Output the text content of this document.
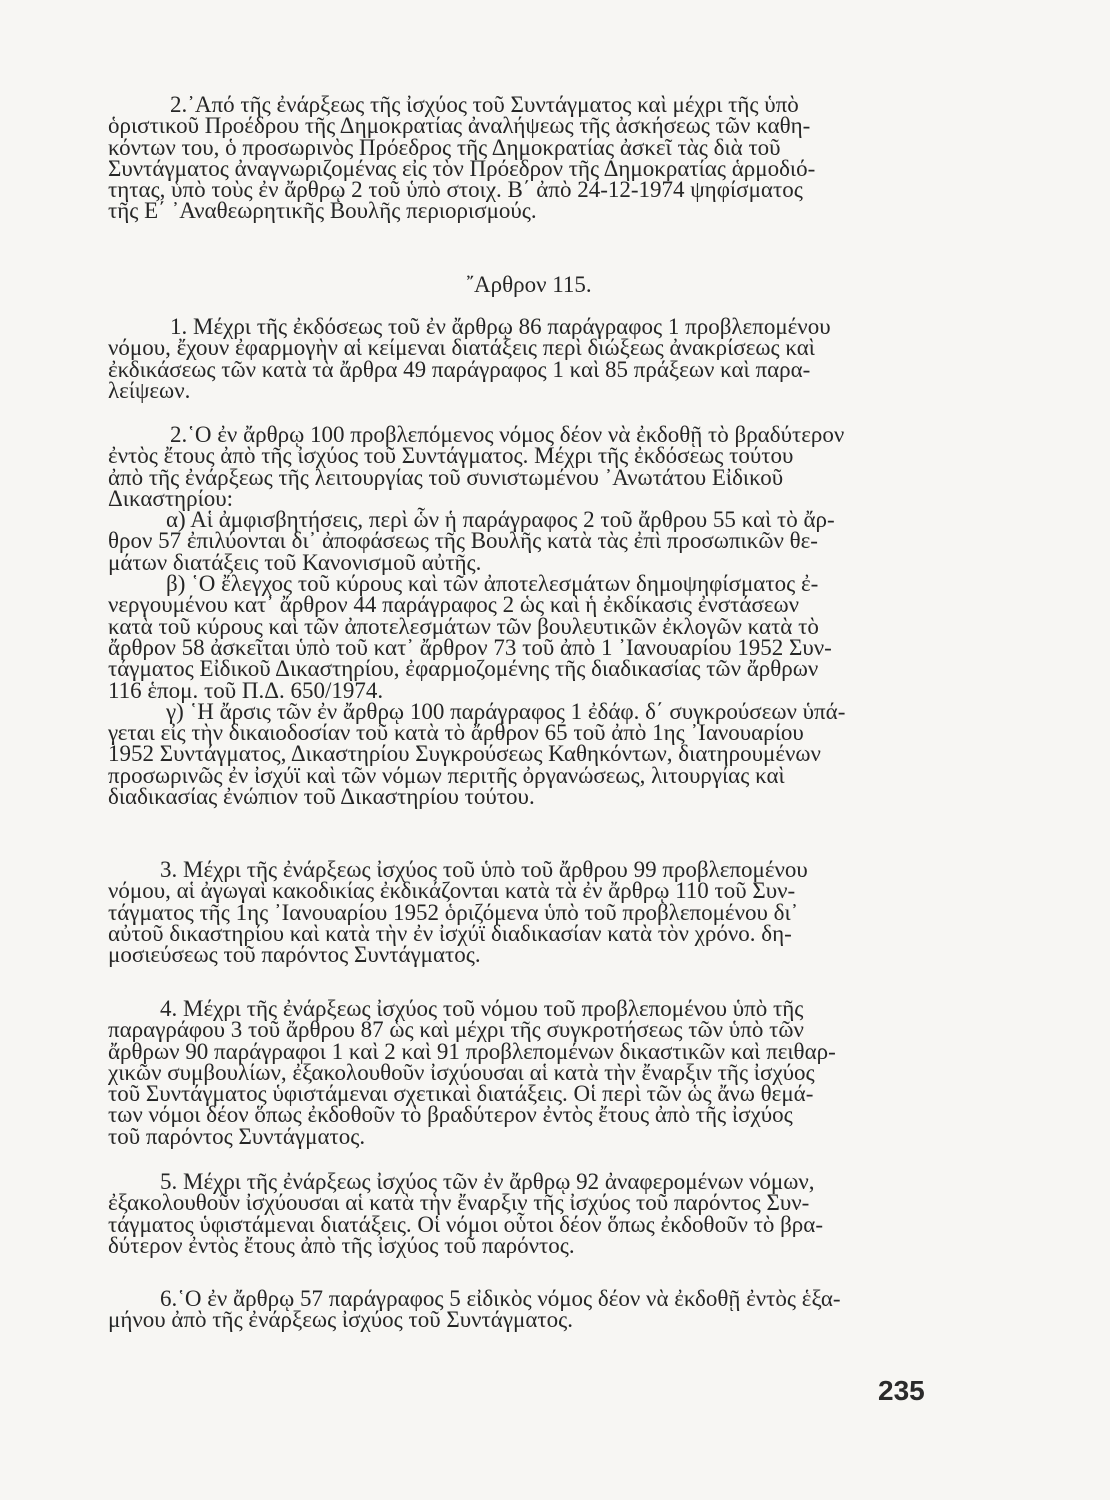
2.᾿Από τῆς ἐνάρξεως τῆς ἰσχύος τοῦ Συντάγματος καὶ μέχρι τῆς ὑπὸ
ὁριστικοῦ Προέδρου τῆς Δημοκρατίας ἀναλήψεως τῆς ἀσκήσεως τῶν καθη-
κόντων του, ὁ προσωρινὸς Πρόεδρος τῆς Δημοκρατίας ἀσκεῖ τὰς διὰ τοῦ
Συντάγματος ἀναγνωριζομένας εἰς τὸν Πρόεδρον τῆς Δημοκρατίας ἁρμοδιό-
τητας, ὑπὸ τοὺς ἐν ἄρθρῳ 2 τοῦ ὑπὸ στοιχ. Β΄ ἀπὸ 24-12-1974 ψηφίσματος
τῆς Ε΄ ᾿Αναθεωρητικῆς Βουλῆς περιορισμούς.
῎Αρθρον 115.
1. Μέχρι τῆς ἐκδόσεως τοῦ ἐν ἄρθρῳ 86 παράγραφος 1 προβλεπομένου
νόμου, ἔχουν ἐφαρμογὴν αἱ κείμεναι διατάξεις περὶ διώξεως ἀνακρίσεως καὶ
ἐκδικάσεως τῶν κατὰ τὰ ἄρθρα 49 παράγραφος 1 καὶ 85 πράξεων καὶ παρα-
λείψεων.
2.῾Ο ἐν ἄρθρῳ 100 προβλεπόμενος νόμος δέον νὰ ἐκδοθῇ τὸ βραδύτερον
ἐντὸς ἔτους ἀπὸ τῆς ἰσχύος τοῦ Συντάγματος. Μέχρι τῆς ἐκδόσεως τούτου
ἀπὸ τῆς ἐνάρξεως τῆς λειτουργίας τοῦ συνιστωμένου ᾿Ανωτάτου Εἰδικοῦ
Δικαστηρίου:
α) Αἱ ἀμφισβητήσεις, περὶ ὧν ἡ παράγραφος 2 τοῦ ἄρθρου 55 καὶ τὸ ἄρ-
θρον 57 ἐπιλύονται δι᾿ ἀποφάσεως τῆς Βουλῆς κατὰ τὰς ἐπὶ προσωπικῶν θε-
μάτων διατάξεις τοῦ Κανονισμοῦ αὐτῆς.
β) ῾Ο ἔλεγχος τοῦ κύρους καὶ τῶν ἀποτελεσμάτων δημοψηφίσματος ἐ-
νεργουμένου κατ᾿ ἄρθρον 44 παράγραφος 2 ὡς καὶ ἡ ἐκδίκασις ἐνστάσεων
κατὰ τοῦ κύρους καὶ τῶν ἀποτελεσμάτων τῶν βουλευτικῶν ἐκλογῶν κατὰ τὸ
ἄρθρον 58 ἀσκεῖται ὑπὸ τοῦ κατ᾿ ἄρθρον 73 τοῦ ἀπὸ 1 ᾿Ιανουαρίου 1952 Συν-
τάγματος Εἰδικοῦ Δικαστηρίου, ἐφαρμοζομένης τῆς διαδικασίας τῶν ἄρθρων
116 ἑπομ. τοῦ Π.Δ. 650/1974.
γ) ῾Η ἄρσις τῶν ἐν ἄρθρῳ 100 παράγραφος 1 ἐδάφ. δ΄ συγκρούσεων ὑπά-
γεται εἰς τὴν δικαιοδοσίαν τοῦ κατὰ τὸ ἄρθρον 65 τοῦ ἀπὸ 1ης ᾿Ιανουαρίου
1952 Συντάγματος, Δικαστηρίου Συγκρούσεως Καθηκόντων, διατηρουμένων
προσωρινῶς ἐν ἰσχύϊ καὶ τῶν νόμων περιτῆς ὀργανώσεως, λιτουργίας καὶ
διαδικασίας ἐνώπιον τοῦ Δικαστηρίου τούτου.
3. Μέχρι τῆς ἐνάρξεως ἰσχύος τοῦ ὑπὸ τοῦ ἄρθρου 99 προβλεπομένου
νόμου, αἱ ἀγωγαὶ κακοδικίας ἐκδικάζονται κατὰ τὰ ἐν ἄρθρῳ 110 τοῦ Συν-
τάγματος τῆς 1ης ᾿Ιανουαρίου 1952 ὁριζόμενα ὑπὸ τοῦ προβλεπομένου δι᾿
αὐτοῦ δικαστηρίου καὶ κατὰ τὴν ἐν ἰσχύϊ διαδικασίαν κατὰ τὸν χρόνο. δη-
μοσιεύσεως τοῦ παρόντος Συντάγματος.
4. Μέχρι τῆς ἐνάρξεως ἰσχύος τοῦ νόμου τοῦ προβλεπομένου ὑπὸ τῆς
παραγράφου 3 τοῦ ἄρθρου 87 ὡς καὶ μέχρι τῆς συγκροτήσεως τῶν ὑπὸ τῶν
ἄρθρων 90 παράγραφοι 1 καὶ 2 καὶ 91 προβλεπομένων δικαστικῶν καὶ πειθαρ-
χικῶν συμβουλίων, ἐξακολουθοῦν ἰσχύουσαι αἱ κατὰ τὴν ἔναρξιν τῆς ἰσχύος
τοῦ Συντάγματος ὑφιστάμεναι σχετικαὶ διατάξεις. Οἱ περὶ τῶν ὡς ἄνω θεμά-
των νόμοι δέον ὅπως ἐκδοθοῦν τὸ βραδύτερον ἐντὸς ἔτους ἀπὸ τῆς ἰσχύος
τοῦ παρόντος Συντάγματος.
5. Μέχρι τῆς ἐνάρξεως ἰσχύος τῶν ἐν ἄρθρῳ 92 ἀναφερομένων νόμων,
ἐξακολουθοῦν ἰσχύουσαι αἱ κατὰ τὴν ἔναρξιν τῆς ἰσχύος τοῦ παρόντος Συν-
τάγματος ὑφιστάμεναι διατάξεις. Οἱ νόμοι οὗτοι δέον ὅπως ἐκδοθοῦν τὸ βρα-
δύτερον ἐντὸς ἔτους ἀπὸ τῆς ἰσχύος τοῦ παρόντος.
6.῾Ο ἐν ἄρθρῳ 57 παράγραφος 5 εἰδικὸς νόμος δέον νὰ ἐκδοθῇ ἐντὸς ἑξα-
μήνου ἀπὸ τῆς ἐνάρξεως ἰσχύος τοῦ Συντάγματος.
235
